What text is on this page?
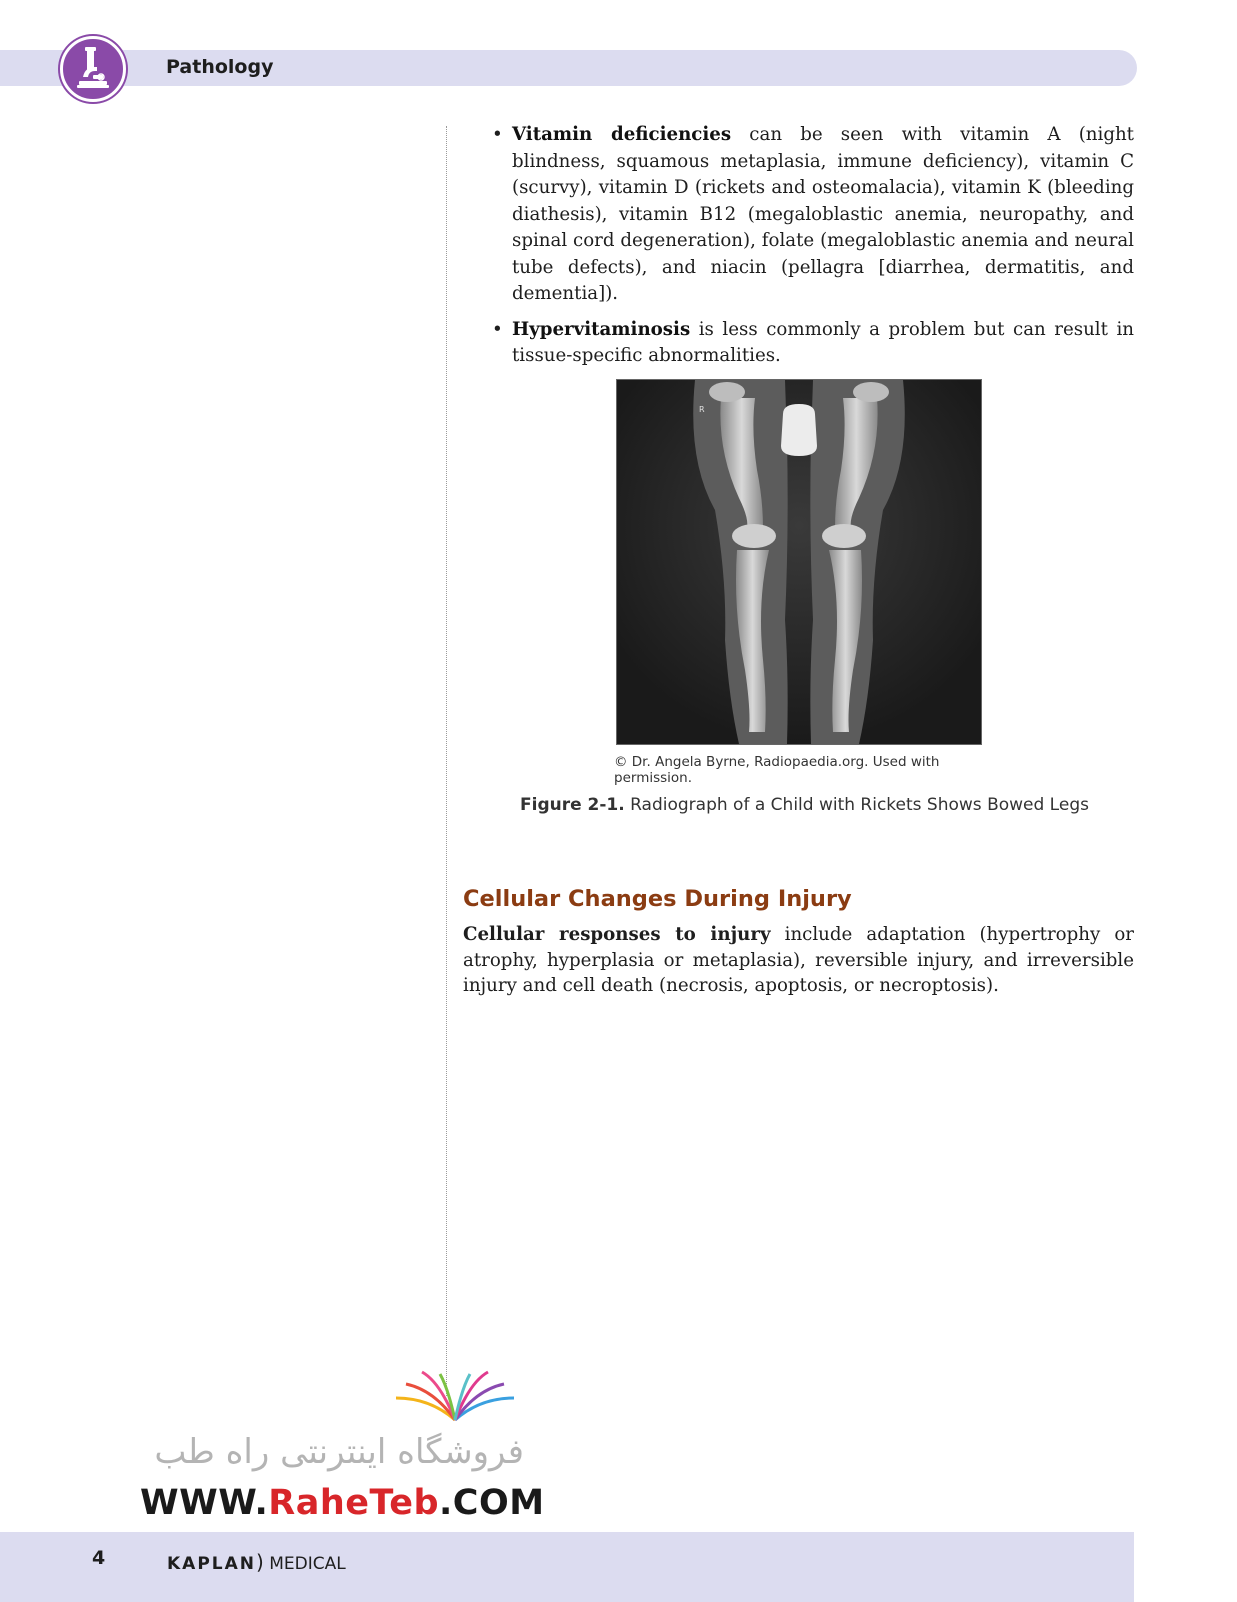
Pathology
• Vitamin deficiencies can be seen with vitamin A (night blindness, squamous metaplasia, immune deficiency), vitamin C (scurvy), vitamin D (rickets and osteomalacia), vitamin K (bleeding diathesis), vitamin B12 (megaloblastic anemia, neuropathy, and spinal cord degeneration), folate (megaloblastic anemia and neural tube defects), and niacin (pellagra [diarrhea, dermatitis, and dementia]).
• Hypervitaminosis is less commonly a problem but can result in tissue-specific abnormalities.
R
© Dr. Angela Byrne, Radiopaedia.org. Used with permission.
Figure 2-1. Radiograph of a Child with Rickets Shows Bowed Legs
Cellular Changes During Injury

Cellular responses to injury include adaptation (hypertrophy or atrophy, hyperplasia or metaplasia), reversible injury, and irreversible injury and cell death (necrosis, apoptosis, or necroptosis).

فروشگاه اینترنتی راه طب
WWW.RaheTeb.COM
4	KAPLAN) MEDICAL
